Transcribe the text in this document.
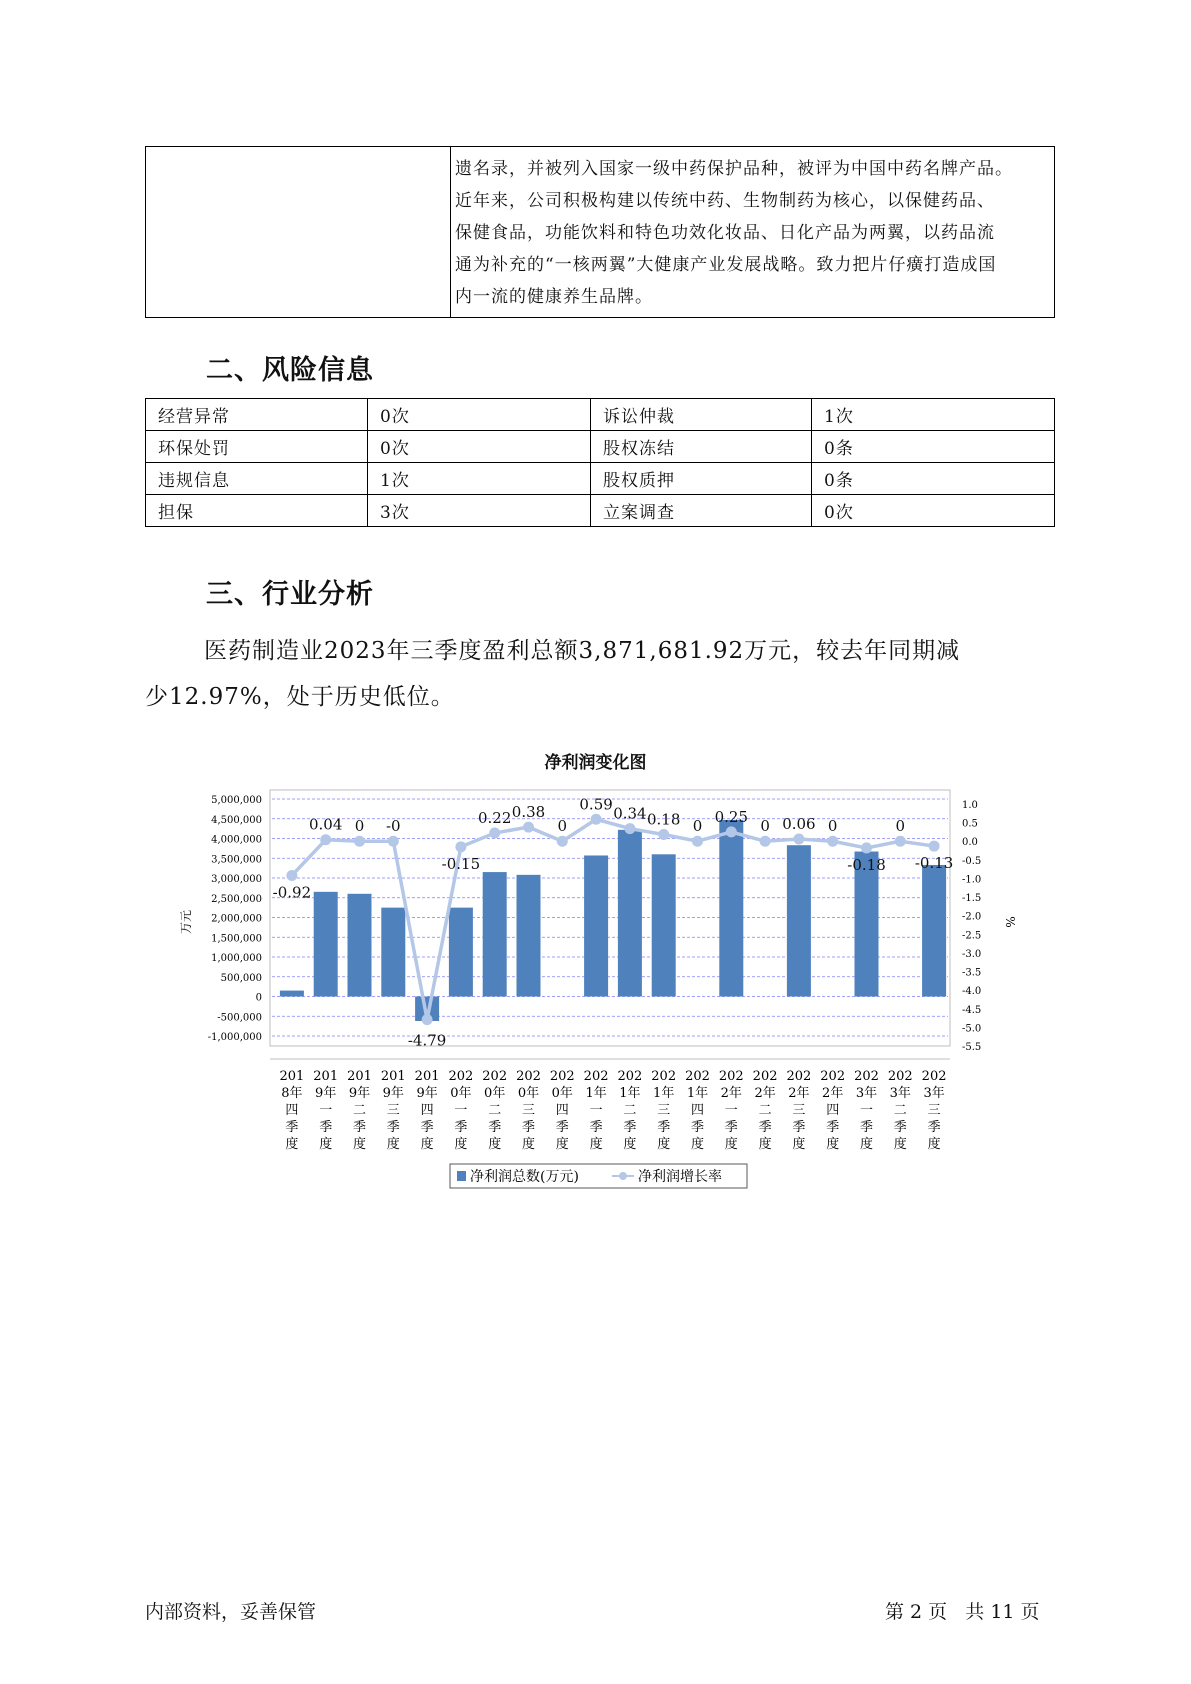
遗名录，并被列入国家一级中药保护品种，被评为中国中药名牌产品。
近年来，公司积极构建以传统中药、生物制药为核心，以保健药品、
保健食品，功能饮料和特色功效化妆品、日化产品为两翼，以药品流
通为补充的“一核两翼”大健康产业发展战略。致力把片仔癀打造成国
内一流的健康养生品牌。
二、风险信息
经营异常	0次	诉讼仲裁	1次
环保处罚	0次	股权冻结	0条
违规信息	1次	股权质押	0条
担保	3次	立案调查	0次
三、行业分析
医药制造业2023年三季度盈利总额3,871,681.92万元，较去年同期减
少12.97%，处于历史低位。
净利润变化图
5,000,000
4,500,000
4,000,000
3,500,000
3,000,000
2,500,000
2,000,000
1,500,000
1,000,000
500,000
0
-500,000
-1,000,000
1.0
0.5
0.0
-0.5
-1.0
-1.5
-2.0
-2.5
-3.0
-3.5
-4.0
-4.5
-5.0
-5.5
万元	%
-0.92
0.04 0 -0
-4.79
-0.15
0.22 0.38
0
0.59
0.34 0.18 0
0.25
0 0.06 0
-0.18
0
-0.13
201
8年
四
季
度
201
9年
一
季
度
201
9年
二
季
度
201
9年
三
季
度
201
9年
四
季
度
202
0年
一
季
度
202
0年
二
季
度
202
0年
三
季
度
202
0年
四
季
度
202
1年
一
季
度
202
1年
二
季
度
202
1年
三
季
度
202
1年
四
季
度
202
2年
一
季
度
202
2年
二
季
度
202
2年
三
季
度
202
2年
四
季
度
202
3年
一
季
度
202
3年
二
季
度
202
3年
三
季
度
净利润总数(万元)	净利润增长率
内部资料，妥善保管	第 2 页   共 11 页
